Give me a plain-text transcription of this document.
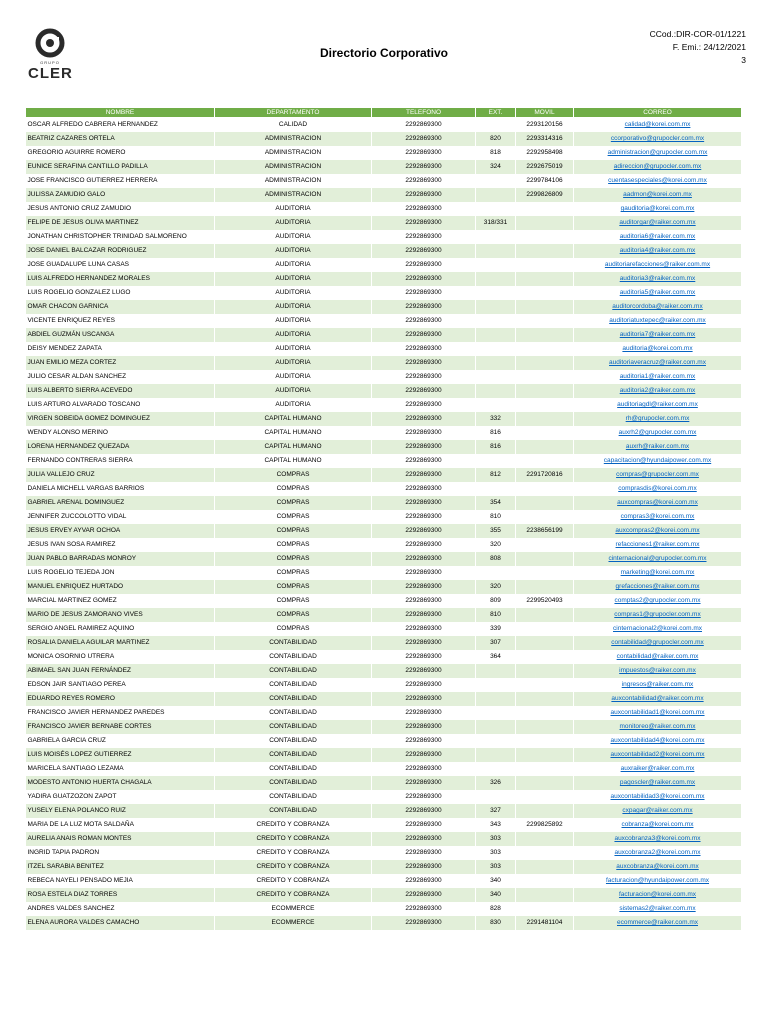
GRUPO
CLER
Directorio Corporativo
CCod.:DIR-COR-01/1221
F. Emi.: 24/12/2021
3
NOMBRE	DEPARTAMENTO	TELEFONO	EXT.	MOVIL	CORREO
OSCAR ALFREDO CABRERA HERNANDEZ	CALIDAD	2292869300		2293120156	calidad@korei.com.mx
BEATRIZ CAZARES ORTELA	ADMINISTRACION	2292869300	820	2293314316	ccorporativo@grupocler.com.mx
GREGORIO AGUIRRE ROMERO	ADMINISTRACION	2292869300	818	2292958498	administracion@grupocler.com.mx
EUNICE SERAFINA CANTILLO PADILLA	ADMINISTRACION	2292869300	324	2292675019	adireccion@grupocler.com.mx
JOSE FRANCISCO GUTIERREZ HERRERA	ADMINISTRACION	2292869300		2299784106	cuentasespeciales@korei.com.mx
JULISSA ZAMUDIO GALO	ADMINISTRACION	2292869300		2299826809	aadmon@korei.com.mx
JESUS ANTONIO CRUZ ZAMUDIO	AUDITORIA	2292869300			gauditoria@korei.com.mx
FELIPE DE JESUS OLIVA MARTINEZ	AUDITORIA	2292869300	318/331		auditorgar@raiker.com.mx
JONATHAN CHRISTOPHER TRINIDAD SALMORENO	AUDITORIA	2292869300			auditoria6@raiker.com.mx
JOSE DANIEL BALCAZAR RODRIGUEZ	AUDITORIA	2292869300			auditoria4@raiker.com.mx
JOSE GUADALUPE LUNA CASAS	AUDITORIA	2292869300			auditoriarefacciones@raiker.com.mx
LUIS ALFREDO HERNANDEZ MORALES	AUDITORIA	2292869300			auditoria3@raiker.com.mx
LUIS ROGELIO GONZALEZ LUGO	AUDITORIA	2292869300			auditoria5@raiker.com.mx
OMAR CHACON GARNICA	AUDITORIA	2292869300			auditorcordoba@raiker.com.mx
VICENTE ENRIQUEZ REYES	AUDITORIA	2292869300			auditoriatuxtepec@raiker.com.mx
ABDIEL GUZMÁN USCANGA	AUDITORIA	2292869300			auditoria7@raiker.com.mx
DEISY MENDEZ ZAPATA	AUDITORIA	2292869300			auditoria@korei.com.mx
JUAN EMILIO MEZA CORTEZ	AUDITORIA	2292869300			auditoriaveracruz@raiker.com.mx
JULIO CESAR ALDAN SANCHEZ	AUDITORIA	2292869300			auditoria1@raiker.com.mx
LUIS ALBERTO SIERRA ACEVEDO	AUDITORIA	2292869300			auditoria2@raiker.com.mx
LUIS ARTURO ALVARADO TOSCANO	AUDITORIA	2292869300			auditoriagdl@raiker.com.mx
VIRGEN SOBEIDA GOMEZ DOMINGUEZ	CAPITAL HUMANO	2292869300	332		rh@grupocler.com.mx
WENDY ALONSO MERINO	CAPITAL HUMANO	2292869300	816		auxrh2@grupocler.com.mx
LORENA HERNANDEZ QUEZADA	CAPITAL HUMANO	2292869300	816		auxrh@raiker.com.mx
FERNANDO CONTRERAS SIERRA	CAPITAL HUMANO	2292869300			capacitacion@hyundaipower.com.mx
JULIA VALLEJO CRUZ	COMPRAS	2292869300	812	2291720816	compras@grupocler.com.mx
DANIELA MICHELL VARGAS BARRIOS	COMPRAS	2292869300			comprasdis@korei.com.mx
GABRIEL ARENAL DOMINGUEZ	COMPRAS	2292869300	354		auxcompras@korei.com.mx
JENNIFER ZUCCOLOTTO VIDAL	COMPRAS	2292869300	810		compras3@korei.com.mx
JESUS ERVEY AYVAR OCHOA	COMPRAS	2292869300	355	2238656199	auxcompras2@korei.com.mx
JESUS IVAN SOSA RAMIREZ	COMPRAS	2292869300	320		refacciones1@raiker.com.mx
JUAN PABLO BARRADAS MONROY	COMPRAS	2292869300	808		cinternacional@grupocler.com.mx
LUIS ROGELIO TEJEDA JON	COMPRAS	2292869300			marketing@korei.com.mx
MANUEL ENRIQUEZ HURTADO	COMPRAS	2292869300	320		grefacciones@raiker.com.mx
MARCIAL MARTINEZ GOMEZ	COMPRAS	2292869300	809	2299520493	comptas2@grupocler.com.mx
MARIO DE JESUS ZAMORANO VIVES	COMPRAS	2292869300	810		compras1@grupocler.com.mx
SERGIO ANGEL RAMIREZ AQUINO	COMPRAS	2292869300	339		cinternacional2@korei.com.mx
ROSALIA DANIELA AGUILAR MARTINEZ	CONTABILIDAD	2292869300	307		contabilidad@grupocler.com.mx
MONICA OSORNIO UTRERA	CONTABILIDAD	2292869300	364		contabilidad@raiker.com.mx
ABIMAEL SAN JUAN FERNÁNDEZ	CONTABILIDAD	2292869300			impuestos@raiker.com.mx
EDSON JAIR SANTIAGO PEREA	CONTABILIDAD	2292869300			ingresos@raiker.com.mx
EDUARDO REYES ROMERO	CONTABILIDAD	2292869300			auxcontabilidad@raiker.com.mx
FRANCISCO JAVIER HERNANDEZ PAREDES	CONTABILIDAD	2292869300			auxcontabilidad1@korei.com.mx
FRANCISCO JAVIER BERNABE CORTES	CONTABILIDAD	2292869300			monitoreo@raiker.com.mx
GABRIELA GARCIA CRUZ	CONTABILIDAD	2292869300			auxcontabilidad4@korei.com.mx
LUIS MOISÉS LOPEZ GUTIERREZ	CONTABILIDAD	2292869300			auxcontabilidad2@korei.com.mx
MARICELA SANTIAGO LEZAMA	CONTABILIDAD	2292869300			auxraiker@raiker.com.mx
MODESTO ANTONIO HUERTA CHAGALA	CONTABILIDAD	2292869300	326		pagoscler@raiker.com.mx
YADIRA GUATZOZON ZAPOT	CONTABILIDAD	2292869300			auxcontabilidad3@korei.com.mx
YUSELY ELENA POLANCO RUIZ	CONTABILIDAD	2292869300	327		cxpagar@raiker.com.mx
MARIA DE LA LUZ MOTA SALDAÑA	CREDITO Y COBRANZA	2292869300	343	2299825892	cobranza@korei.com.mx
AURELIA ANAIS ROMAN MONTES	CREDITO Y COBRANZA	2292869300	303		auxcobranza3@korei.com.mx
INGRID TAPIA PADRON	CREDITO Y COBRANZA	2292869300	303		auxcobranza2@korei.com.mx
ITZEL SARABIA BENITEZ	CREDITO Y COBRANZA	2292869300	303		auxcobranza@korei.com.mx
REBECA NAYELI PENSADO MEJIA	CREDITO Y COBRANZA	2292869300	340		facturacion@hyundaipower.com.mx
ROSA ESTELA DIAZ TORRES	CREDITO Y COBRANZA	2292869300	340		facturacion@korei.com.mx
ANDRES VALDES SANCHEZ	ECOMMERCE	2292869300	828		sistemas2@raiker.com.mx
ELENA AURORA VALDES CAMACHO	ECOMMERCE	2292869300	830	2291481104	ecommerce@raiker.com.mx
